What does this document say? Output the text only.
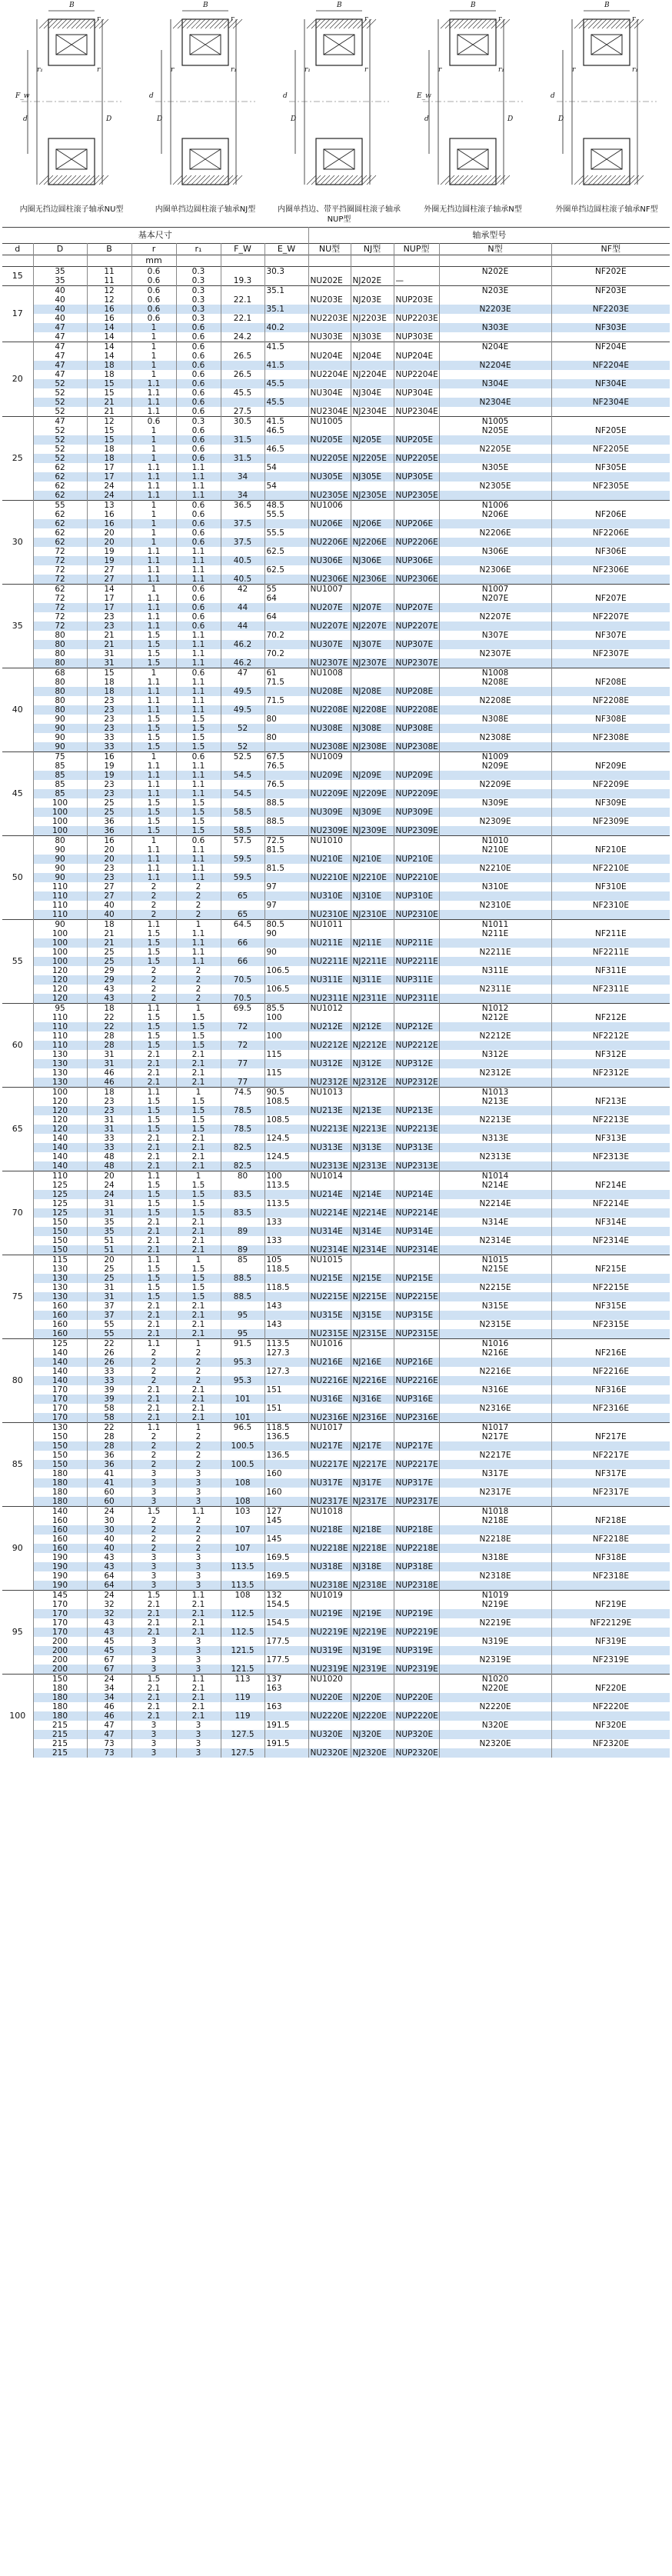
B
r
r
r₁
F_w
d	D
内圈无挡边圆柱滚子轴承NU型
B
r
r₁
r
d
D
内圈单挡边圆柱滚子轴承NJ型
B
r
r
r₁
d
D
内圈单挡边、带平挡圈圆柱滚子轴承NUP型
B
r
r₁
r
E_w
d	D
外圈无挡边圆柱滚子轴承N型
B
r
r₁
r
d
D
外圈单挡边圆柱滚子轴承NF型
基本尺寸							轴承型号				
d	D	B	r	r₁	F_W	E_W	NU型	NJ型	NUP型	N型	NF型
			mm								
15	35	11	0.6	0.3		30.3				N202E	NF202E
	35	11	0.6	0.3	19.3		NU202E	NJ202E	—		
17	40	12	0.6	0.3		35.1				N203E	NF203E
	40	12	0.6	0.3	22.1		NU203E	NJ203E	NUP203E		
	40	16	0.6	0.3		35.1				N2203E	NF2203E
	40	16	0.6	0.3	22.1		NU2203E	NJ2203E	NUP2203E		
	47	14	1	0.6		40.2				N303E	NF303E
	47	14	1	0.6	24.2		NU303E	NJ303E	NUP303E		
20	47	14	1	0.6		41.5				N204E	NF204E
	47	14	1	0.6	26.5		NU204E	NJ204E	NUP204E		
	47	18	1	0.6		41.5				N2204E	NF2204E
	47	18	1	0.6	26.5		NU2204E	NJ2204E	NUP2204E		
	52	15	1.1	0.6		45.5				N304E	NF304E
	52	15	1.1	0.6	45.5		NU304E	NJ304E	NUP304E		
	52	21	1.1	0.6		45.5				N2304E	NF2304E
	52	21	1.1	0.6	27.5		NU2304E	NJ2304E	NUP2304E		
25	47	12	0.6	0.3	30.5	41.5	NU1005			N1005	
	52	15	1	0.6		46.5				N205E	NF205E
	52	15	1	0.6	31.5		NU205E	NJ205E	NUP205E		
	52	18	1	0.6		46.5				N2205E	NF2205E
	52	18	1	0.6	31.5		NU2205E	NJ2205E	NUP2205E		
	62	17	1.1	1.1		54				N305E	NF305E
	62	17	1.1	1.1	34		NU305E	NJ305E	NUP305E		
	62	24	1.1	1.1		54				N2305E	NF2305E
	62	24	1.1	1.1	34		NU2305E	NJ2305E	NUP2305E		
30	55	13	1	0.6	36.5	48.5	NU1006			N1006	
	62	16	1	0.6		55.5				N206E	NF206E
	62	16	1	0.6	37.5		NU206E	NJ206E	NUP206E		
	62	20	1	0.6		55.5				N2206E	NF2206E
	62	20	1	0.6	37.5		NU2206E	NJ2206E	NUP2206E		
	72	19	1.1	1.1		62.5				N306E	NF306E
	72	19	1.1	1.1	40.5		NU306E	NJ306E	NUP306E		
	72	27	1.1	1.1		62.5				N2306E	NF2306E
	72	27	1.1	1.1	40.5		NU2306E	NJ2306E	NUP2306E		
35	62	14	1	0.6	42	55	NU1007			N1007	
	72	17	1.1	0.6		64				N207E	NF207E
	72	17	1.1	0.6	44		NU207E	NJ207E	NUP207E		
	72	23	1.1	0.6		64				N2207E	NF2207E
	72	23	1.1	0.6	44		NU2207E	NJ2207E	NUP2207E		
	80	21	1.5	1.1		70.2				N307E	NF307E
	80	21	1.5	1.1	46.2		NU307E	NJ307E	NUP307E		
	80	31	1.5	1.1		70.2				N2307E	NF2307E
	80	31	1.5	1.1	46.2		NU2307E	NJ2307E	NUP2307E		
40	68	15	1	0.6	47	61	NU1008			N1008	
	80	18	1.1	1.1		71.5				N208E	NF208E
	80	18	1.1	1.1	49.5		NU208E	NJ208E	NUP208E		
	80	23	1.1	1.1		71.5				N2208E	NF2208E
	80	23	1.1	1.1	49.5		NU2208E	NJ2208E	NUP2208E		
	90	23	1.5	1.5		80				N308E	NF308E
	90	23	1.5	1.5	52		NU308E	NJ308E	NUP308E		
	90	33	1.5	1.5		80				N2308E	NF2308E
	90	33	1.5	1.5	52		NU2308E	NJ2308E	NUP2308E		
45	75	16	1	0.6	52.5	67.5	NU1009			N1009	
	85	19	1.1	1.1		76.5				N209E	NF209E
	85	19	1.1	1.1	54.5		NU209E	NJ209E	NUP209E		
	85	23	1.1	1.1		76.5				N2209E	NF2209E
	85	23	1.1	1.1	54.5		NU2209E	NJ2209E	NUP2209E		
	100	25	1.5	1.5		88.5				N309E	NF309E
	100	25	1.5	1.5	58.5		NU309E	NJ309E	NUP309E		
	100	36	1.5	1.5		88.5				N2309E	NF2309E
	100	36	1.5	1.5	58.5		NU2309E	NJ2309E	NUP2309E		
50	80	16	1	0.6	57.5	72.5	NU1010			N1010	
	90	20	1.1	1.1		81.5				N210E	NF210E
	90	20	1.1	1.1	59.5		NU210E	NJ210E	NUP210E		
	90	23	1.1	1.1		81.5				N2210E	NF2210E
	90	23	1.1	1.1	59.5		NU2210E	NJ2210E	NUP2210E		
	110	27	2	2		97				N310E	NF310E
	110	27	2	2	65		NU310E	NJ310E	NUP310E		
	110	40	2	2		97				N2310E	NF2310E
	110	40	2	2	65		NU2310E	NJ2310E	NUP2310E		
55	90	18	1.1	1	64.5	80.5	NU1011			N1011	
	100	21	1.5	1.1		90				N211E	NF211E
	100	21	1.5	1.1	66		NU211E	NJ211E	NUP211E		
	100	25	1.5	1.1		90				N2211E	NF2211E
	100	25	1.5	1.1	66		NU2211E	NJ2211E	NUP2211E		
	120	29	2	2		106.5				N311E	NF311E
	120	29	2	2	70.5		NU311E	NJ311E	NUP311E		
	120	43	2	2		106.5				N2311E	NF2311E
	120	43	2	2	70.5		NU2311E	NJ2311E	NUP2311E		
60	95	18	1.1	1	69.5	85.5	NU1012			N1012	
	110	22	1.5	1.5		100				N212E	NF212E
	110	22	1.5	1.5	72		NU212E	NJ212E	NUP212E		
	110	28	1.5	1.5		100				N2212E	NF2212E
	110	28	1.5	1.5	72		NU2212E	NJ2212E	NUP2212E		
	130	31	2.1	2.1		115				N312E	NF312E
	130	31	2.1	2.1	77		NU312E	NJ312E	NUP312E		
	130	46	2.1	2.1		115				N2312E	NF2312E
	130	46	2.1	2.1	77		NU2312E	NJ2312E	NUP2312E		
65	100	18	1.1	1	74.5	90.5	NU1013			N1013	
	120	23	1.5	1.5		108.5				N213E	NF213E
	120	23	1.5	1.5	78.5		NU213E	NJ213E	NUP213E		
	120	31	1.5	1.5		108.5				N2213E	NF2213E
	120	31	1.5	1.5	78.5		NU2213E	NJ2213E	NUP2213E		
	140	33	2.1	2.1		124.5				N313E	NF313E
	140	33	2.1	2.1	82.5		NU313E	NJ313E	NUP313E		
	140	48	2.1	2.1		124.5				N2313E	NF2313E
	140	48	2.1	2.1	82.5		NU2313E	NJ2313E	NUP2313E		
70	110	20	1.1	1	80	100	NU1014			N1014	
	125	24	1.5	1.5		113.5				N214E	NF214E
	125	24	1.5	1.5	83.5		NU214E	NJ214E	NUP214E		
	125	31	1.5	1.5		113.5				N2214E	NF2214E
	125	31	1.5	1.5	83.5		NU2214E	NJ2214E	NUP2214E		
	150	35	2.1	2.1		133				N314E	NF314E
	150	35	2.1	2.1	89		NU314E	NJ314E	NUP314E		
	150	51	2.1	2.1		133				N2314E	NF2314E
	150	51	2.1	2.1	89		NU2314E	NJ2314E	NUP2314E		
75	115	20	1.1	1	85	105	NU1015			N1015	
	130	25	1.5	1.5		118.5				N215E	NF215E
	130	25	1.5	1.5	88.5		NU215E	NJ215E	NUP215E		
	130	31	1.5	1.5		118.5				N2215E	NF2215E
	130	31	1.5	1.5	88.5		NU2215E	NJ2215E	NUP2215E		
	160	37	2.1	2.1		143				N315E	NF315E
	160	37	2.1	2.1	95		NU315E	NJ315E	NUP315E		
	160	55	2.1	2.1		143				N2315E	NF2315E
	160	55	2.1	2.1	95		NU2315E	NJ2315E	NUP2315E		
80	125	22	1.1	1	91.5	113.5	NU1016			N1016	
	140	26	2	2		127.3				N216E	NF216E
	140	26	2	2	95.3		NU216E	NJ216E	NUP216E		
	140	33	2	2		127.3				N2216E	NF2216E
	140	33	2	2	95.3		NU2216E	NJ2216E	NUP2216E		
	170	39	2.1	2.1		151				N316E	NF316E
	170	39	2.1	2.1	101		NU316E	NJ316E	NUP316E		
	170	58	2.1	2.1		151				N2316E	NF2316E
	170	58	2.1	2.1	101		NU2316E	NJ2316E	NUP2316E		
85	130	22	1.1	1	96.5	118.5	NU1017			N1017	
	150	28	2	2		136.5				N217E	NF217E
	150	28	2	2	100.5		NU217E	NJ217E	NUP217E		
	150	36	2	2		136.5				N2217E	NF2217E
	150	36	2	2	100.5		NU2217E	NJ2217E	NUP2217E		
	180	41	3	3		160				N317E	NF317E
	180	41	3	3	108		NU317E	NJ317E	NUP317E		
	180	60	3	3		160				N2317E	NF2317E
	180	60	3	3	108		NU2317E	NJ2317E	NUP2317E		
90	140	24	1.5	1.1	103	127	NU1018			N1018	
	160	30	2	2		145				N218E	NF218E
	160	30	2	2	107		NU218E	NJ218E	NUP218E		
	160	40	2	2		145				N2218E	NF2218E
	160	40	2	2	107		NU2218E	NJ2218E	NUP2218E		
	190	43	3	3		169.5				N318E	NF318E
	190	43	3	3	113.5		NU318E	NJ318E	NUP318E		
	190	64	3	3		169.5				N2318E	NF2318E
	190	64	3	3	113.5		NU2318E	NJ2318E	NUP2318E		
95	145	24	1.5	1.1	108	132	NU1019			N1019	
	170	32	2.1	2.1		154.5				N219E	NF219E
	170	32	2.1	2.1	112.5		NU219E	NJ219E	NUP219E		
	170	43	2.1	2.1		154.5				N2219E	NF22129E
	170	43	2.1	2.1	112.5		NU2219E	NJ2219E	NUP2219E		
	200	45	3	3		177.5				N319E	NF319E
	200	45	3	3	121.5		NU319E	NJ319E	NUP319E		
	200	67	3	3		177.5				N2319E	NF2319E
	200	67	3	3	121.5		NU2319E	NJ2319E	NUP2319E		
100	150	24	1.5	1.1	113	137	NU1020			N1020	
	180	34	2.1	2.1		163				N220E	NF220E
	180	34	2.1	2.1	119		NU220E	NJ220E	NUP220E		
	180	46	2.1	2.1		163				N2220E	NF2220E
	180	46	2.1	2.1	119		NU2220E	NJ2220E	NUP2220E		
	215	47	3	3		191.5				N320E	NF320E
	215	47	3	3	127.5		NU320E	NJ320E	NUP320E		
	215	73	3	3		191.5				N2320E	NF2320E
	215	73	3	3	127.5		NU2320E	NJ2320E	NUP2320E		
